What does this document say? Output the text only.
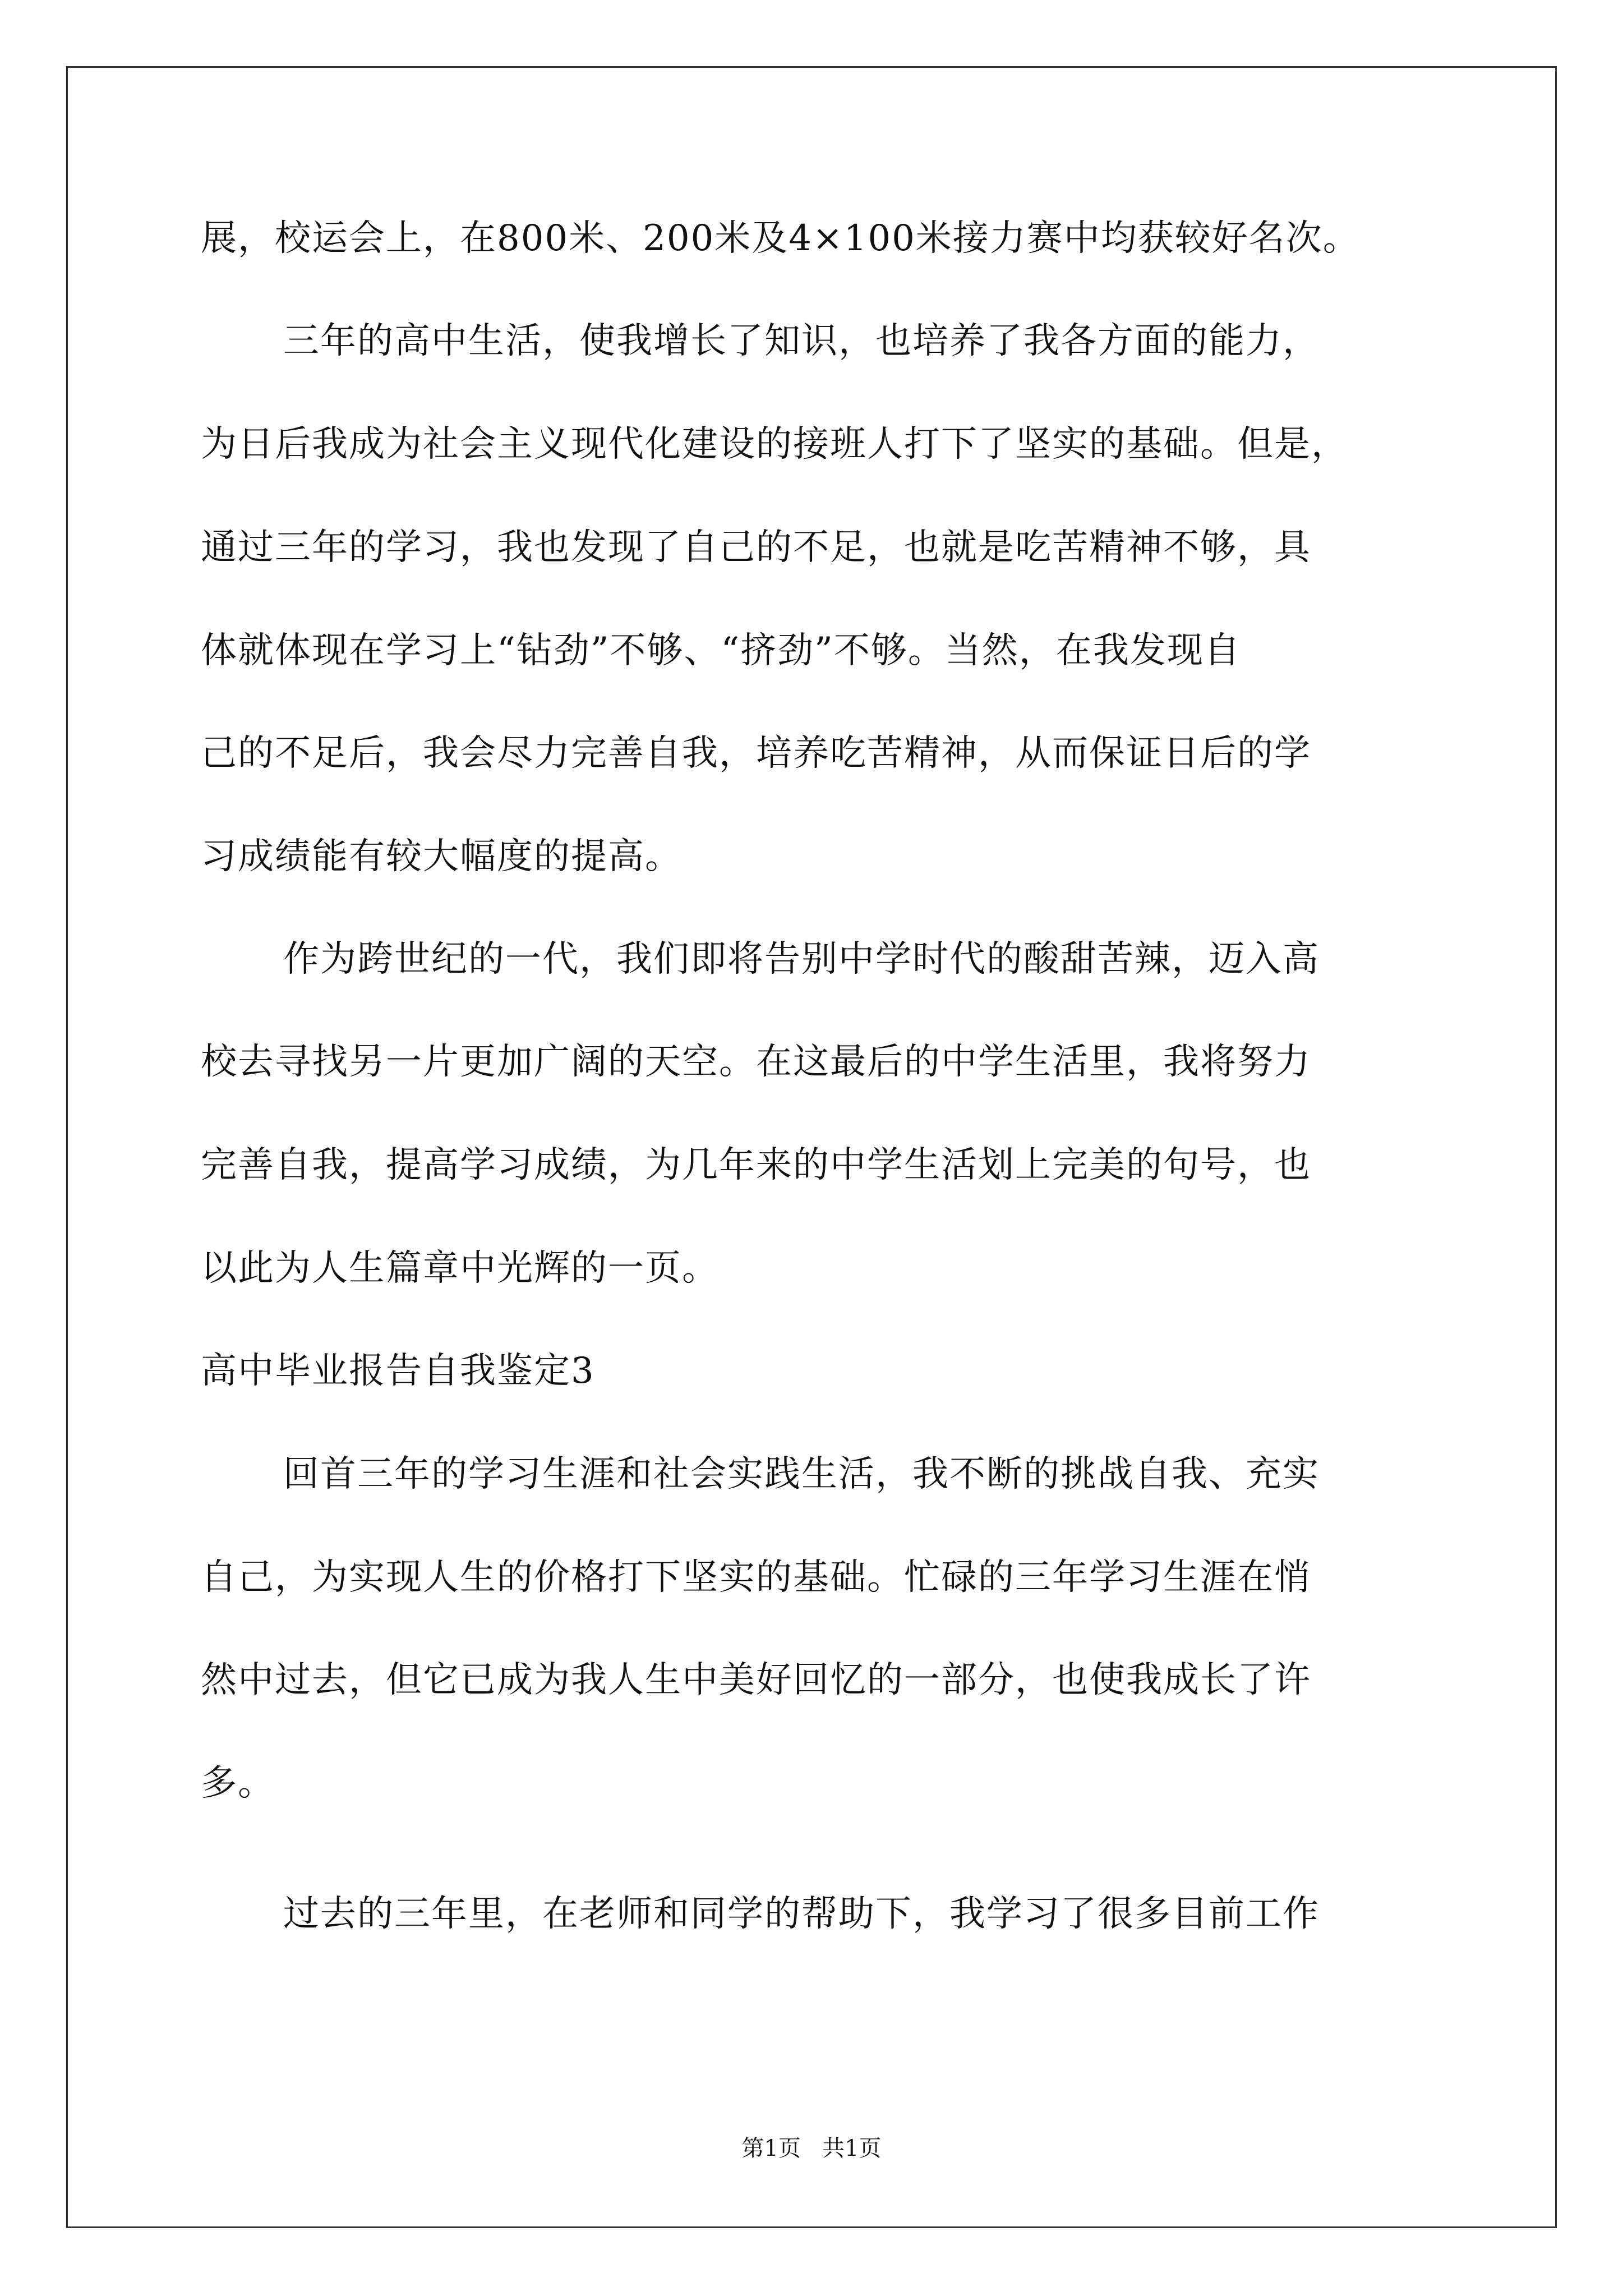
展，校运会上，在800米、200米及4×100米接力赛中均获较好名次。

三年的高中生活，使我增长了知识，也培养了我各方面的能力，

为日后我成为社会主义现代化建设的接班人打下了坚实的基础。但是，

通过三年的学习，我也发现了自己的不足，也就是吃苦精神不够，具

体就体现在学习上“钻劲”不够、“挤劲”不够。当然，在我发现自

己的不足后，我会尽力完善自我，培养吃苦精神，从而保证日后的学

习成绩能有较大幅度的提高。

作为跨世纪的一代，我们即将告别中学时代的酸甜苦辣，迈入高

校去寻找另一片更加广阔的天空。在这最后的中学生活里，我将努力

完善自我，提高学习成绩，为几年来的中学生活划上完美的句号，也

以此为人生篇章中光辉的一页。

高中毕业报告自我鉴定3

回首三年的学习生涯和社会实践生活，我不断的挑战自我、充实

自己，为实现人生的价格打下坚实的基础。忙碌的三年学习生涯在悄

然中过去，但它已成为我人生中美好回忆的一部分，也使我成长了许

多。

过去的三年里，在老师和同学的帮助下，我学习了很多目前工作

第1页   共1页
